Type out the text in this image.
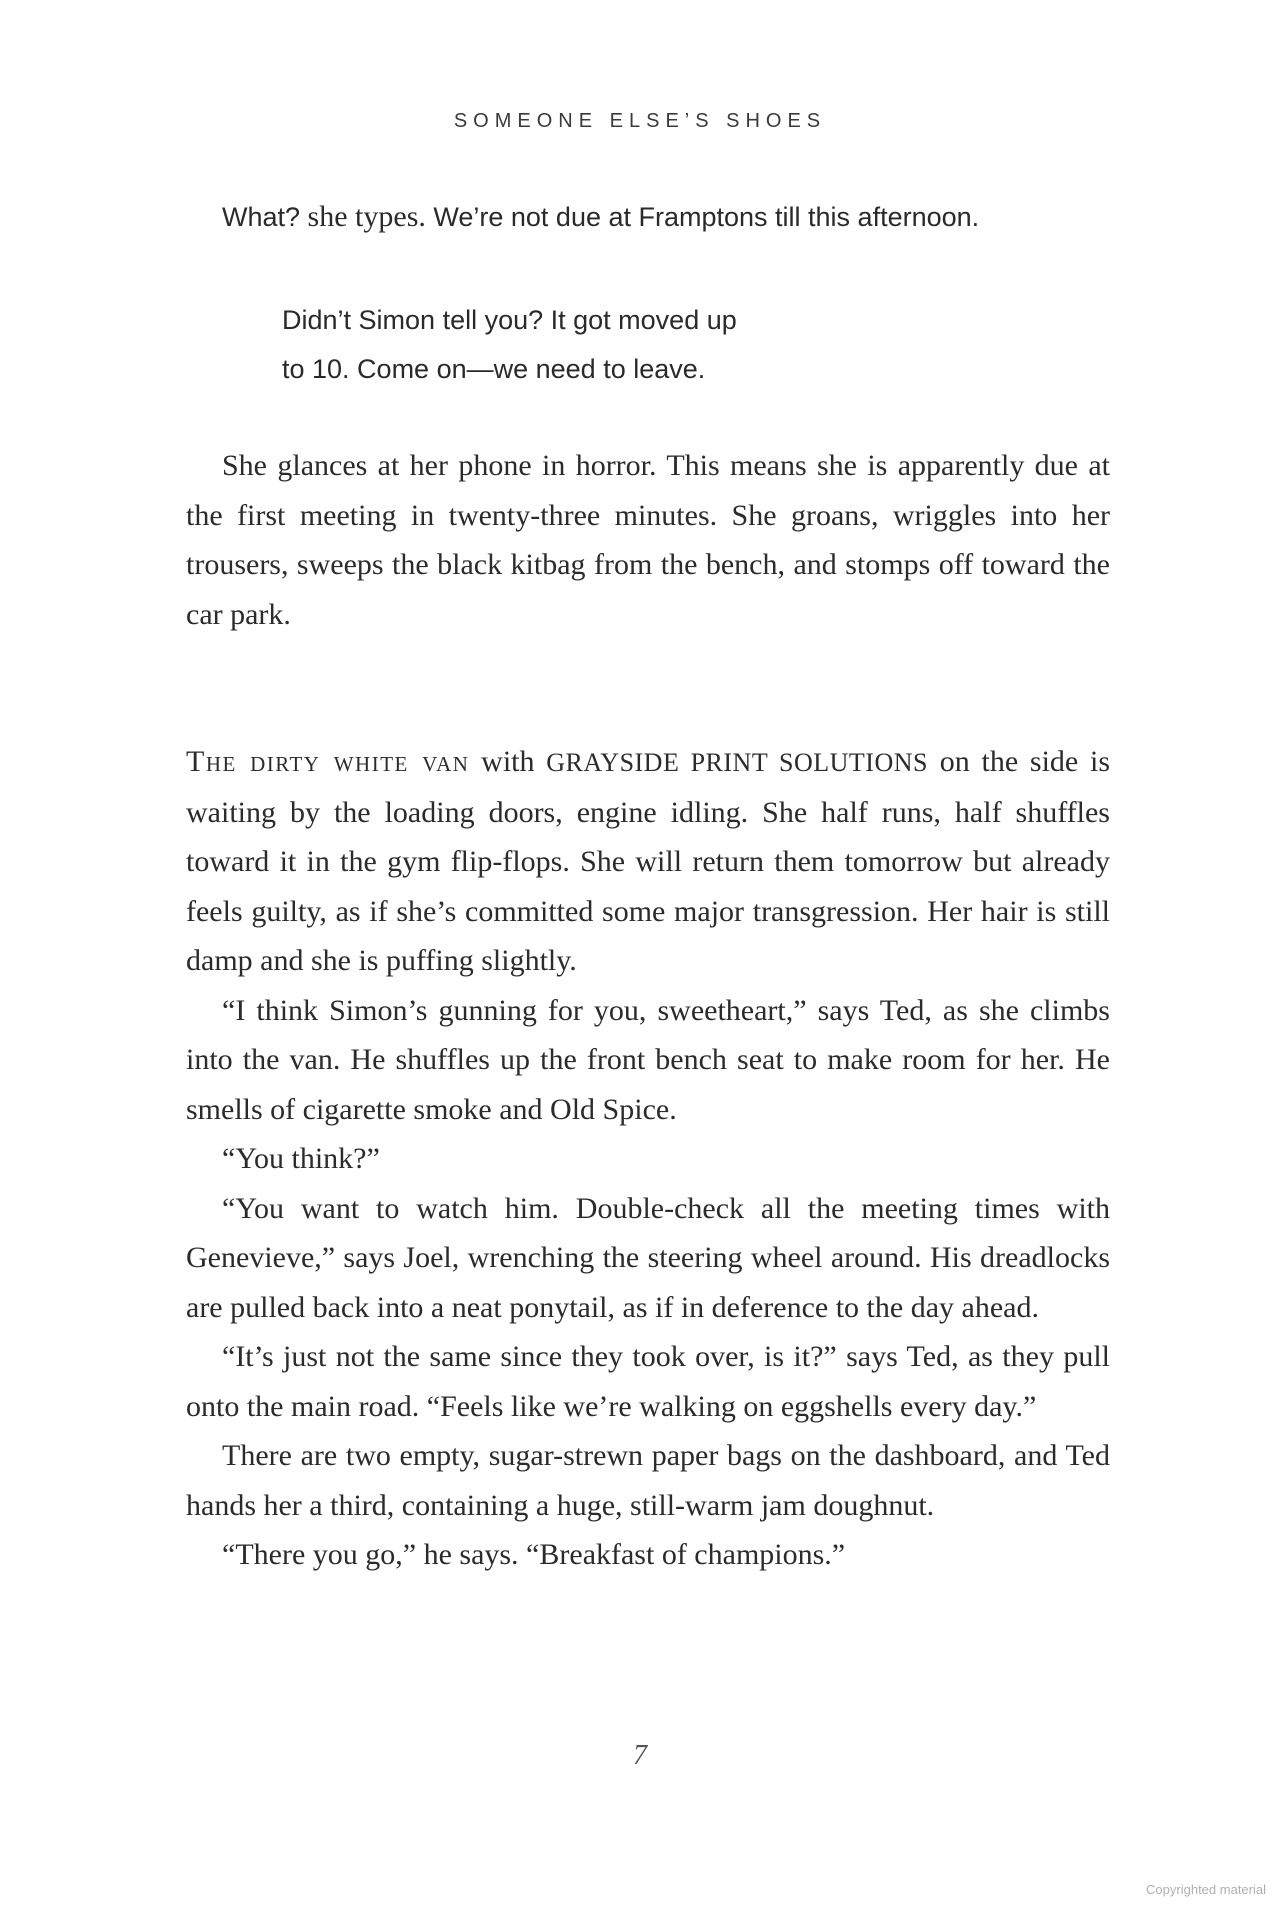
SOMEONE ELSE’S SHOES
What? she types. We’re not due at Framptons till this afternoon.
Didn’t Simon tell you? It got moved up
to 10. Come on—we need to leave.

She glances at her phone in horror. This means she is apparently due at the first meeting in twenty-three minutes. She groans, wriggles into her trousers, sweeps the black kitbag from the bench, and stomps off toward the car park.

The dirty white van with GRAYSIDE PRINT SOLUTIONS on the side is waiting by the loading doors, engine idling. She half runs, half shuffles toward it in the gym flip-flops. She will return them tomorrow but already feels guilty, as if she’s committed some major transgression. Her hair is still damp and she is puffing slightly.

“I think Simon’s gunning for you, sweetheart,” says Ted, as she climbs into the van. He shuffles up the front bench seat to make room for her. He smells of cigarette smoke and Old Spice.

“You think?”

“You want to watch him. Double-check all the meeting times with Genevieve,” says Joel, wrenching the steering wheel around. His dreadlocks are pulled back into a neat ponytail, as if in deference to the day ahead.

“It’s just not the same since they took over, is it?” says Ted, as they pull onto the main road. “Feels like we’re walking on eggshells every day.”

There are two empty, sugar-strewn paper bags on the dashboard, and Ted hands her a third, containing a huge, still-warm jam doughnut.

“There you go,” he says. “Breakfast of champions.”

7
Copyrighted material
